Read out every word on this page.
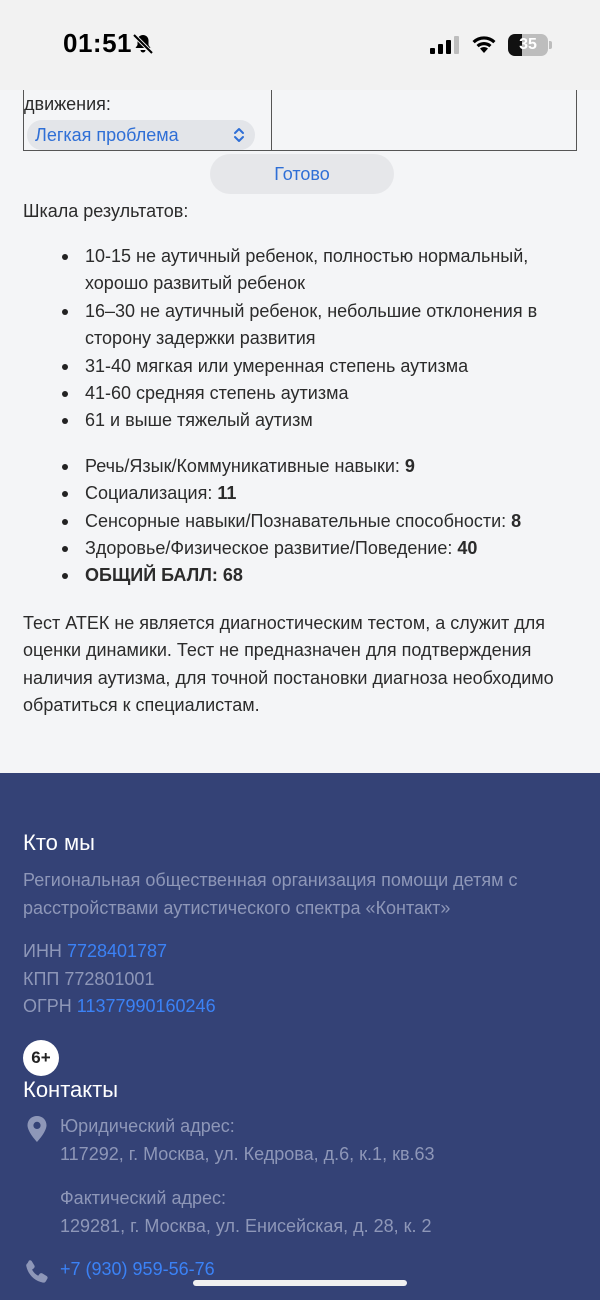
01:51	35
движения:
Легкая проблема
Готово

Шкала результатов:

10-15 не аутичный ребенок, полностью нормальный, хорошо развитый ребенок
16–30 не аутичный ребенок, небольшие отклонения в сторону задержки развития
31-40 мягкая или умеренная степень аутизма
41-60 средняя степень аутизма
61 и выше тяжелый аутизм
Речь/Язык/Коммуникативные навыки: 9
Социализация: 11
Сенсорные навыки/Познавательные способности: 8
Здоровье/Физическое развитие/Поведение: 40
ОБЩИЙ БАЛЛ: 68

Тест АТЕК не является диагностическим тестом, а служит для оценки динамики. Тест не предназначен для подтверждения наличия аутизма, для точной постановки диагноза необходимо обратиться к специалистам.

Кто мы

Региональная общественная организация помощи детям с расстройствами аутистического спектра «Контакт»

ИНН 7728401787
КПП 772801001
ОГРН 11377990160246
6+
Контакты
Юридический адрес:
117292, г. Москва, ул. Кедрова, д.6, к.1, кв.63
Фактический адрес:
129281, г. Москва, ул. Енисейская, д. 28, к. 2
+7 (930) 959-56-76
